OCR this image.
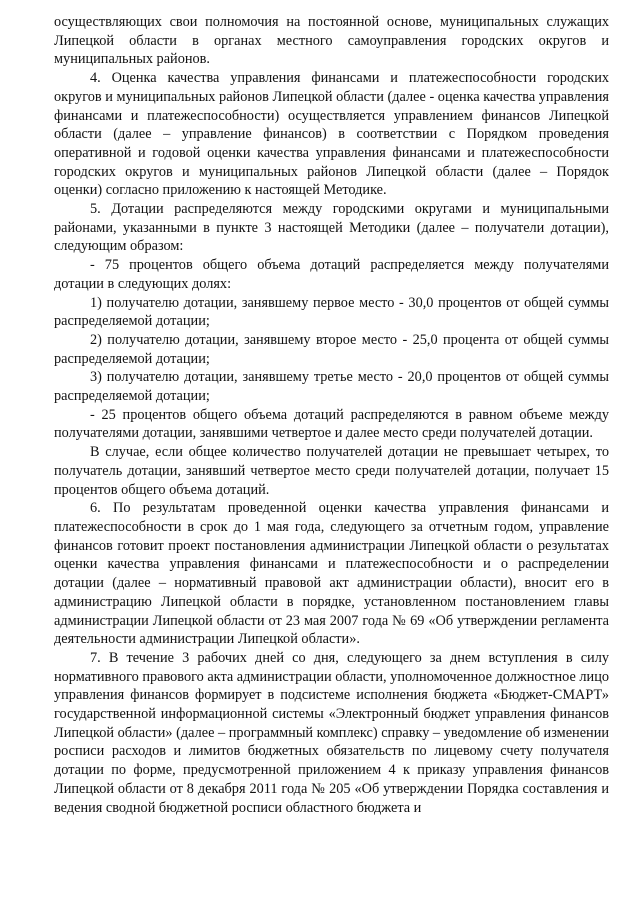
осуществляющих свои полномочия на постоянной основе, муниципальных служащих Липецкой области в органах местного самоуправления городских округов и муниципальных районов.

4. Оценка качества управления финансами и платежеспособности городских округов и муниципальных районов Липецкой области (далее - оценка качества управления финансами и платежеспособности) осуществляется управлением финансов Липецкой области (далее – управление финансов) в соответствии с Порядком проведения оперативной и годовой оценки качества управления финансами и платежеспособности городских округов и муниципальных районов Липецкой области (далее – Порядок оценки) согласно приложению к настоящей Методике.

5. Дотации распределяются между городскими округами и муниципальными районами, указанными в пункте 3 настоящей Методики (далее – получатели дотации), следующим образом:

- 75 процентов общего объема дотаций распределяется между получателями дотации в следующих долях:

1) получателю дотации, занявшему первое место - 30,0 процентов от общей суммы распределяемой дотации;

2) получателю дотации, занявшему второе место - 25,0 процента от общей суммы распределяемой дотации;

3) получателю дотации, занявшему третье место - 20,0 процентов от общей суммы распределяемой дотации;

- 25 процентов общего объема дотаций распределяются в равном объеме между получателями дотации, занявшими четвертое и далее место среди получателей дотации.

В случае, если общее количество получателей дотации не превышает четырех, то получатель дотации, занявший четвертое место среди получателей дотации, получает 15 процентов общего объема дотаций.

6. По результатам проведенной оценки качества управления финансами и платежеспособности в срок до 1 мая года, следующего за отчетным годом, управление финансов готовит проект постановления администрации Липецкой области о результатах оценки качества управления финансами и платежеспособности и о распределении дотации (далее – нормативный правовой акт администрации области), вносит его в администрацию Липецкой области в порядке, установленном постановлением главы администрации Липецкой области от 23 мая 2007 года № 69 «Об утверждении регламента деятельности администрации Липецкой области».

7. В течение 3 рабочих дней со дня, следующего за днем вступления в силу нормативного правового акта администрации области, уполномоченное должностное лицо управления финансов формирует в подсистеме исполнения бюджета «Бюджет-СМАРТ» государственной информационной системы «Электронный бюджет управления финансов Липецкой области» (далее – программный комплекс) справку – уведомление об изменении росписи расходов и лимитов бюджетных обязательств по лицевому счету получателя дотации по форме, предусмотренной приложением 4 к приказу управления финансов Липецкой области от 8 декабря 2011 года № 205 «Об утверждении Порядка составления и ведения сводной бюджетной росписи областного бюджета и
